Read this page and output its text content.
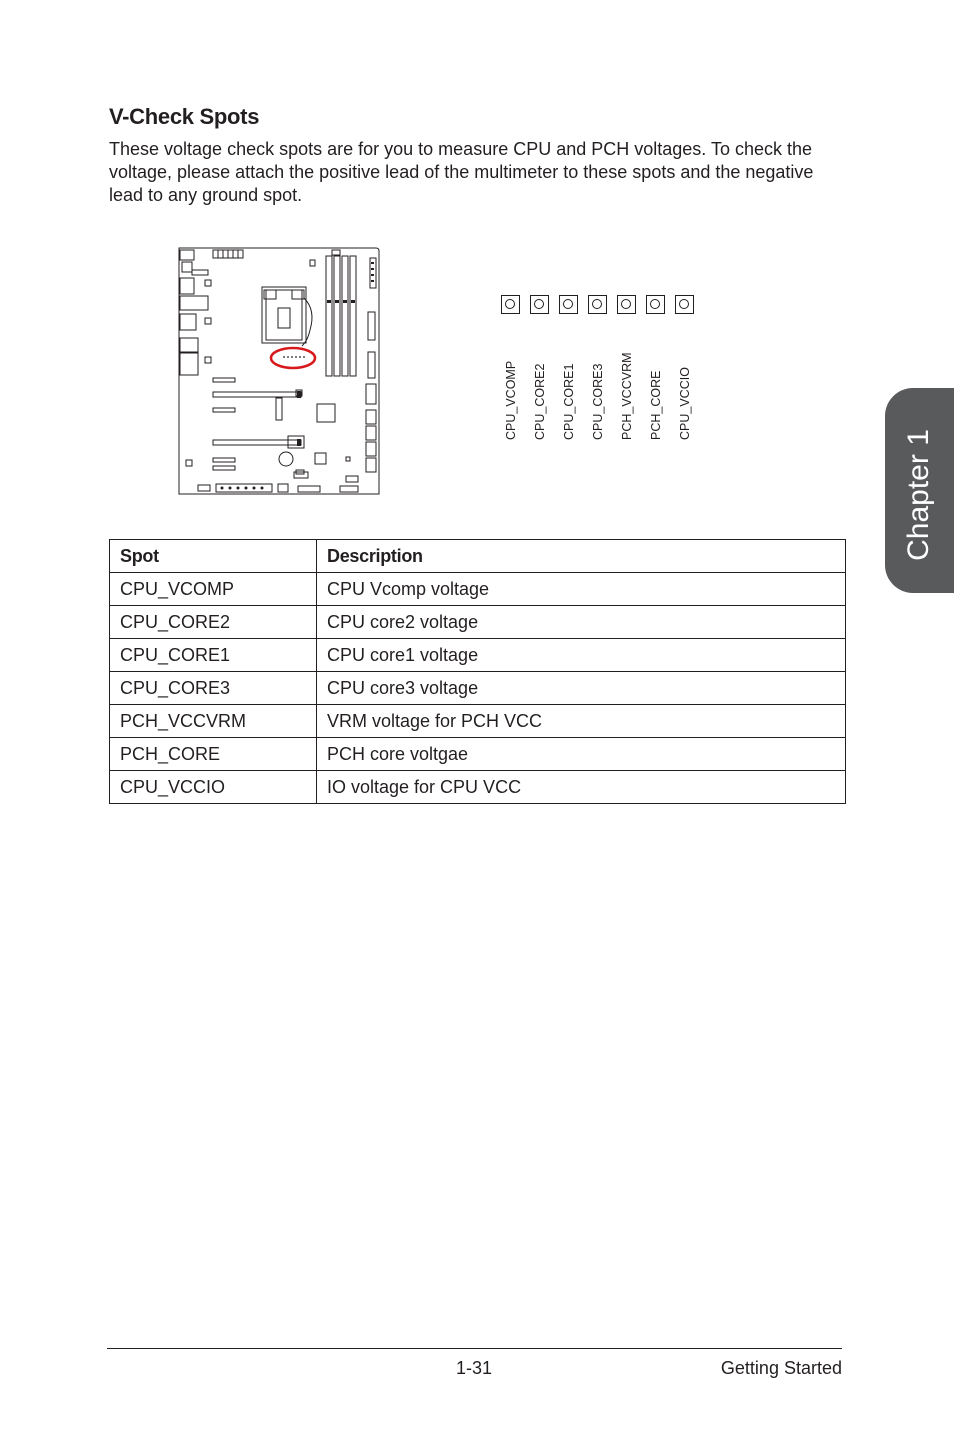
V-Check Spots

These voltage check spots are for you to measure CPU and PCH voltages. To check the voltage, please attach the positive lead of the multimeter to these spots and the negative lead to any ground spot.

CPU_VCOMP CPU_CORE2 CPU_CORE1 CPU_CORE3 PCH_VCCVRM PCH_CORE CPU_VCCIO
Spot	Description
CPU_VCOMP	CPU Vcomp voltage
CPU_CORE2	CPU core2 voltage
CPU_CORE1	CPU core1 voltage
CPU_CORE3	CPU core3 voltage
PCH_VCCVRM	VRM voltage for PCH VCC
PCH_CORE	PCH core voltgae
CPU_VCCIO	IO voltage for CPU VCC
Chapter 1
1-31	Getting Started
